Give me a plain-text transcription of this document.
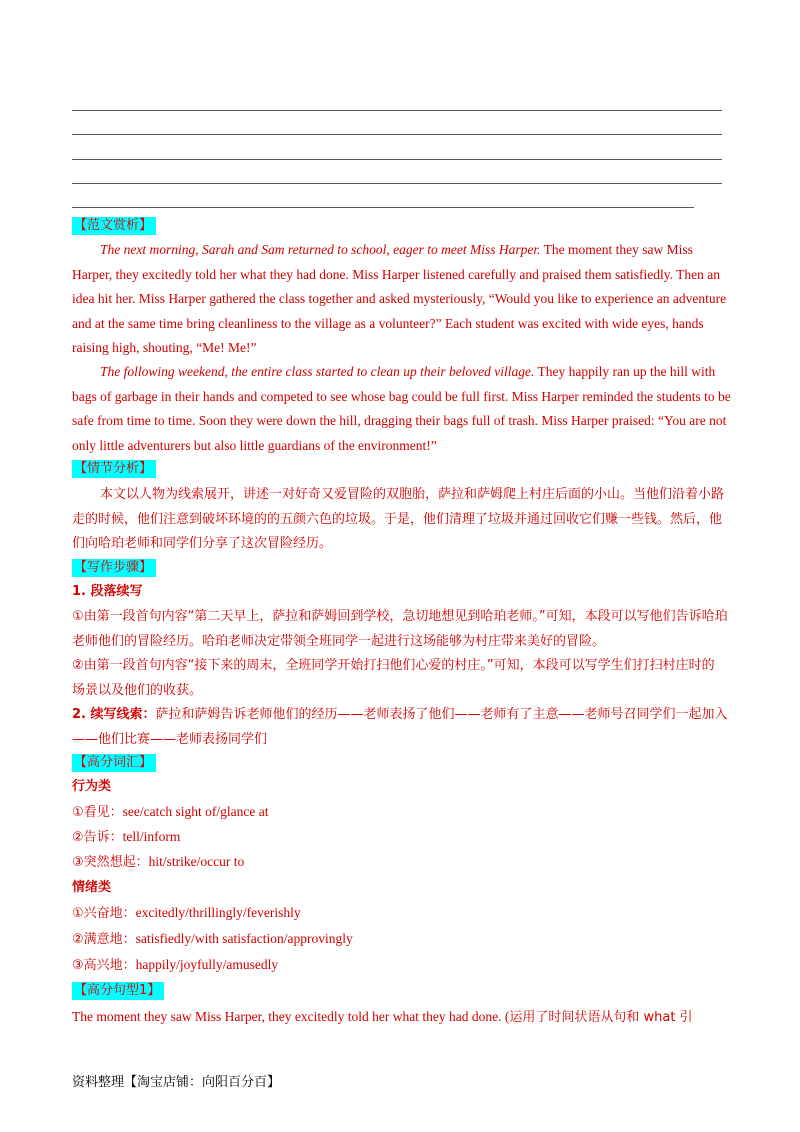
【范文赏析】
The next morning, Sarah and Sam returned to school, eager to meet Miss Harper. The moment they saw Miss Harper, they excitedly told her what they had done. Miss Harper listened carefully and praised them satisfiedly. Then an idea hit her. Miss Harper gathered the class together and asked mysteriously, “Would you like to experience an adventure and at the same time bring cleanliness to the village as a volunteer?” Each student was excited with wide eyes, hands raising high, shouting, “Me! Me!”
The following weekend, the entire class started to clean up their beloved village. They happily ran up the hill with bags of garbage in their hands and competed to see whose bag could be full first. Miss Harper reminded the students to be safe from time to time. Soon they were down the hill, dragging their bags full of trash. Miss Harper praised: “You are not only little adventurers but also little guardians of the environment!”
【情节分析】
本文以人物为线索展开，讲述一对好奇又爱冒险的双胞胎，萨拉和萨姆爬上村庄后面的小山。当他们沿着小路走的时候，他们注意到破坏环境的的五颜六色的垃圾。于是，他们清理了垃圾并通过回收它们赚一些钱。然后，他们向哈珀老师和同学们分享了这次冒险经历。
【写作步骤】
1. 段落续写
①由第一段首句内容“第二天早上，萨拉和萨姆回到学校，急切地想见到哈珀老师。”可知，本段可以写他们告诉哈珀老师他们的冒险经历。哈珀老师决定带领全班同学一起进行这场能够为村庄带来美好的冒险。
②由第一段首句内容“接下来的周末，全班同学开始打扫他们心爱的村庄。”可知，本段可以写学生们打扫村庄时的场景以及他们的收获。
2. 续写线索：萨拉和萨姆告诉老师他们的经历——老师表扬了他们——老师有了主意——老师号召同学们一起加入——他们比赛——老师表扬同学们
【高分词汇】
行为类
①看见：see/catch sight of/glance at
②告诉：tell/inform
③突然想起：hit/strike/occur to
情绪类
①兴奋地：excitedly/thrillingly/feverishly
②满意地：satisfiedly/with satisfaction/approvingly
③高兴地：happily/joyfully/amusedly
【高分句型1】
The moment they saw Miss Harper, they excitedly told her what they had done. (运用了时间状语从句和 what 引
资料整理【淘宝店铺：向阳百分百】
